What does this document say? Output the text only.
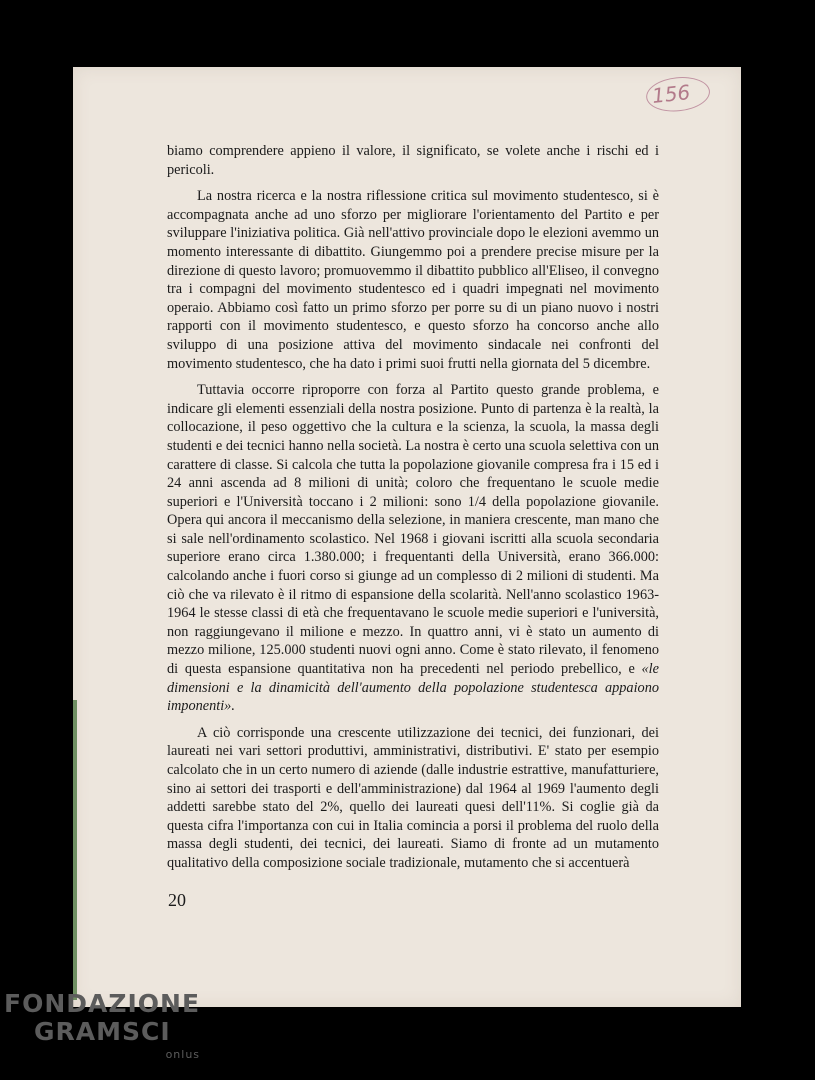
156

biamo comprendere appieno il valore, il significato, se volete anche i rischi ed i pericoli.

La nostra ricerca e la nostra riflessione critica sul movimento studentesco, si è accompagnata anche ad uno sforzo per migliorare l'orientamento del Partito e per sviluppare l'iniziativa politica. Già nell'attivo provinciale dopo le elezioni avemmo un momento interessante di dibattito. Giungemmo poi a prendere precise misure per la direzione di questo lavoro; promuovemmo il dibattito pubblico all'Eliseo, il convegno tra i compagni del movimento studentesco ed i quadri impegnati nel movimento operaio. Abbiamo così fatto un primo sforzo per porre su di un piano nuovo i nostri rapporti con il movimento studentesco, e questo sforzo ha concorso anche allo sviluppo di una posizione attiva del movimento sindacale nei confronti del movimento studentesco, che ha dato i primi suoi frutti nella giornata del 5 dicembre.

Tuttavia occorre riproporre con forza al Partito questo grande problema, e indicare gli elementi essenziali della nostra posizione. Punto di partenza è la realtà, la collocazione, il peso oggettivo che la cultura e la scienza, la scuola, la massa degli studenti e dei tecnici hanno nella società. La nostra è certo una scuola selettiva con un carattere di classe. Si calcola che tutta la popolazione giovanile compresa fra i 15 ed i 24 anni ascenda ad 8 milioni di unità; coloro che frequentano le scuole medie superiori e l'Università toccano i 2 milioni: sono 1/4 della popolazione giovanile. Opera qui ancora il meccanismo della selezione, in maniera crescente, man mano che si sale nell'ordinamento scolastico. Nel 1968 i giovani iscritti alla scuola secondaria superiore erano circa 1.380.000; i frequentanti della Università, erano 366.000: calcolando anche i fuori corso si giunge ad un complesso di 2 milioni di studenti. Ma ciò che va rilevato è il ritmo di espansione della scolarità. Nell'anno scolastico 1963-1964 le stesse classi di età che frequentavano le scuole medie superiori e l'università, non raggiungevano il milione e mezzo. In quattro anni, vi è stato un aumento di mezzo milione, 125.000 studenti nuovi ogni anno. Come è stato rilevato, il fenomeno di questa espansione quantitativa non ha precedenti nel periodo prebellico, e «le dimensioni e la dinamicità dell'aumento della popolazione studentesca appaiono imponenti».

A ciò corrisponde una crescente utilizzazione dei tecnici, dei funzionari, dei laureati nei vari settori produttivi, amministrativi, distributivi. E' stato per esempio calcolato che in un certo numero di aziende (dalle industrie estrattive, manufatturiere, sino ai settori dei trasporti e dell'amministrazione) dal 1964 al 1969 l'aumento degli addetti sarebbe stato del 2%, quello dei laureati quesi dell'11%. Si coglie già da questa cifra l'importanza con cui in Italia comincia a porsi il problema del ruolo della massa degli studenti, dei tecnici, dei laureati. Siamo di fronte ad un mutamento qualitativo della composizione sociale tradizionale, mutamento che si accentuerà

20
FONDAZIONE
GRAMSCI
onlus
